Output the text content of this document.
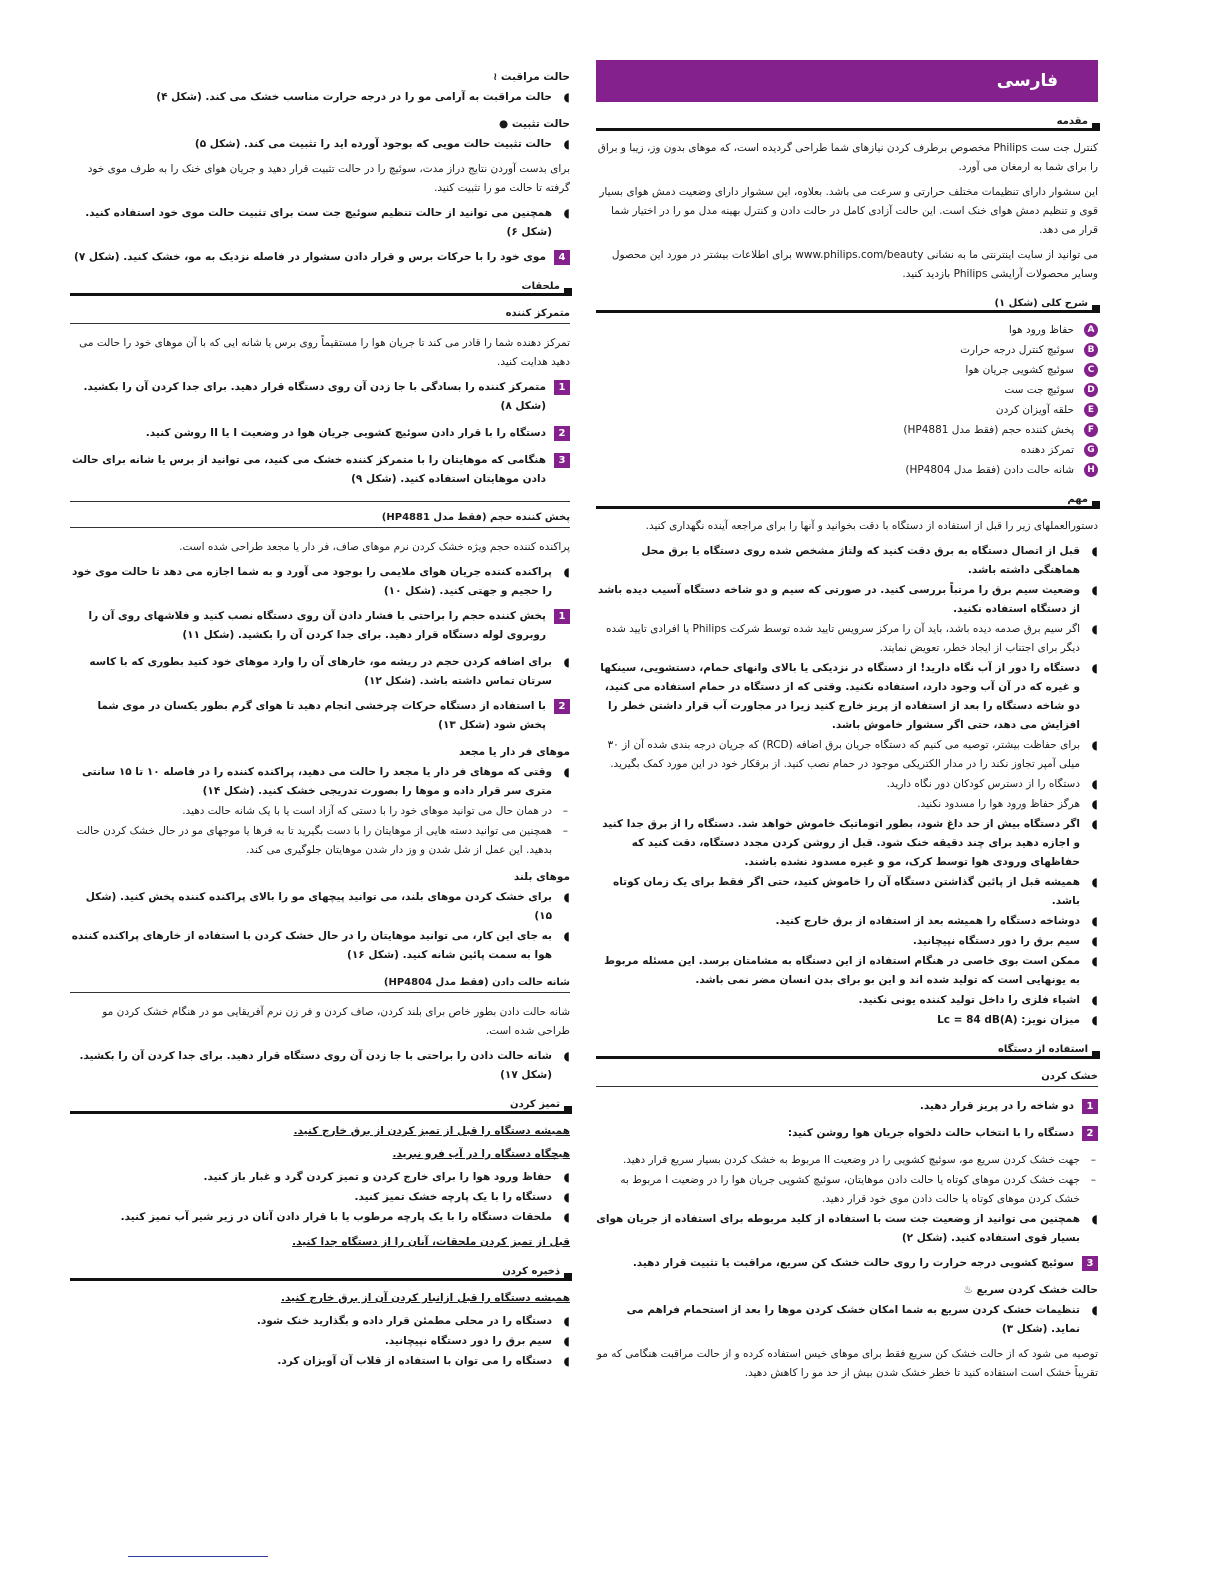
فارسی
مقدمه

کنترل جت ست Philips مخصوص برطرف کردن نیازهای شما طراحی گردیده است، که موهای بدون وز، زیبا و براق را برای شما به ارمغان می آورد.

این سشوار دارای تنظیمات مختلف حرارتی و سرعت می باشد. بعلاوه، این سشوار دارای وضعیت دمش هوای بسیار قوی و تنظیم دمش هوای خنک است. این حالت آزادی کامل در حالت دادن و کنترل بهینه مدل مو را در اختیار شما قرار می دهد.

می توانید از سایت اینترنتی ما به نشانی www.philips.com/beauty برای اطلاعات بیشتر در مورد این محصول وسایر محصولات آرایشی Philips بازدید کنید.

شرح کلی (شکل ۱)
A
حفاظ ورود هوا
B
سوئیچ کنترل درجه حرارت
C
سوئیچ کشویی جریان هوا
D
سوئیچ جت ست
E
حلقه آویزان کردن
F
پخش کننده حجم (فقط مدل HP4881)
G
تمرکز دهنده
H
شانه حالت دادن (فقط مدل HP4804)
مهم

دستورالعملهای زیر را قبل از استفاده از دستگاه با دقت بخوانید و آنها را برای مراجعه آینده نگهداری کنید.

◖ قبل از اتصال دستگاه به برق دقت کنید که ولتاژ مشخص شده روی دستگاه با برق محل هماهنگی داشته باشد.
◖ وضعیت سیم برق را مرتباً بررسی کنید. در صورتی که سیم و دو شاخه دستگاه آسیب دیده باشد از دستگاه استفاده نکنید.
◖ اگر سیم برق صدمه دیده باشد، باید آن را مرکز سرویس تایید شده توسط شرکت Philips یا افرادی تایید شده دیگر برای اجتناب از ایجاد خطر، تعویض نمایند.
◖ دستگاه را دور از آب نگاه دارید! از دستگاه در نزدیکی یا بالای وانهای حمام، دستشویی، سینکها و غیره که در آن آب وجود دارد، استفاده نکنید. وقتی که از دستگاه در حمام استفاده می کنید، دو شاخه دستگاه را بعد از استفاده از پریز خارج کنید زیرا در مجاورت آب قرار داشتن خطر را افزایش می دهد، حتی اگر سشوار خاموش باشد.
◖ برای حفاظت بیشتر، توصیه می کنیم که دستگاه جریان برق اضافه (RCD) که جریان درجه بندی شده آن از ۳۰ میلی آمپر تجاوز نکند را در مدار الکتریکی موجود در حمام نصب کنید. از برقکار خود در این مورد کمک بگیرید.
◖ دستگاه را از دسترس کودکان دور نگاه دارید.
◖ هرگز حفاظ ورود هوا را مسدود نکنید.
◖ اگر دستگاه بیش از حد داغ شود، بطور اتوماتیک خاموش خواهد شد. دستگاه را از برق جدا کنید و اجازه دهید برای چند دقیقه خنک شود. قبل از روشن کردن مجدد دستگاه، دقت کنید که حفاظهای ورودی هوا توسط کرک، مو و غیره مسدود نشده باشند.
◖ همیشه قبل از پائین گذاشتن دستگاه آن را خاموش کنید، حتی اگر فقط برای یک زمان کوتاه باشد.
◖ دوشاخه دستگاه را همیشه بعد از استفاده از برق خارج کنید.
◖ سیم برق را دور دستگاه نپیچانید.
◖ ممکن است بوی خاصی در هنگام استفاده از این دستگاه به مشامتان برسد. این مسئله مربوط به یونهایی است که تولید شده اند و این بو برای بدن انسان مضر نمی باشد.
◖ اشیاء فلزی را داخل تولید کننده یونی نکنید.
◖ میزان نویز: Lc = 84 dB(A)
استفاده از دستگاه
خشک کردن
1
دو شاخه را در پریز قرار دهید.
2
دستگاه را با انتخاب حالت دلخواه جریان هوا روشن کنید:
– جهت خشک کردن سریع مو، سوئیچ کشویی را در وضعیت II مربوط به خشک کردن بسیار سریع قرار دهید.
– جهت خشک کردن موهای کوتاه یا حالت دادن موهایتان، سوئیچ کشویی جریان هوا را در وضعیت I مربوط به خشک کردن موهای کوتاه یا حالت دادن موی خود قرار دهید.
◖ همچنین می توانید از وضعیت جت ست با استفاده از کلید مربوطه برای استفاده از جریان هوای بسیار قوی استفاده کنید. (شکل ۲)
3
سوئیچ کشویی درجه حرارت را روی حالت خشک کن سریع، مراقبت یا تثبیت قرار دهید.
حالت خشک کردن سریع ♨
◖ تنظیمات خشک کردن سریع به شما امکان خشک کردن موها را بعد از استحمام فراهم می نماید. (شکل ۳)

توصیه می شود که از حالت خشک کن سریع فقط برای موهای خیس استفاده کرده و از حالت مراقبت هنگامی که مو تقریباً خشک است استفاده کنید تا خطر خشک شدن بیش از حد مو را کاهش دهید.

حالت مراقبت ≀
◖ حالت مراقبت به آرامی مو را در درجه حرارت مناسب خشک می کند. (شکل ۴)
حالت تثبیت ●
◖ حالت تثبیت حالت مویی که بوجود آورده اید را تثبیت می کند. (شکل ۵)

برای بدست آوردن نتایج دراز مدت، سوئیچ را در حالت تثبیت قرار دهید و جریان هوای خنک را به طرف موی خود گرفته تا حالت مو را تثبیت کنید.

◖ همچنین می توانید از حالت تنظیم سوئیچ جت ست برای تثبیت حالت موی خود استفاده کنید. (شکل ۶)
4
موی خود را با حرکات برس و قرار دادن سشوار در فاصله نزدیک به مو، خشک کنید. (شکل ۷)
ملحقات
متمرکز کننده

تمرکز دهنده شما را قادر می کند تا جریان هوا را مستقیماً روی برس یا شانه ایی که با آن موهای خود را حالت می دهید هدایت کنید.

1
متمرکز کننده را بسادگی با جا زدن آن روی دستگاه قرار دهید. برای جدا کردن آن را بکشید. (شکل ۸)
2
دستگاه را با قرار دادن سوئیچ کشویی جریان هوا در وضعیت I یا II روشن کنید.
3
هنگامی که موهایتان را با متمرکز کننده خشک می کنید، می توانید از برس یا شانه برای حالت دادن موهایتان استفاده کنید. (شکل ۹)
پخش کننده حجم (فقط مدل HP4881)

پراکنده کننده حجم ویژه خشک کردن نرم موهای صاف، فر دار یا مجعد طراحی شده است.

◖ پراکنده کننده جریان هوای ملایمی را بوجود می آورد و به شما اجازه می دهد تا حالت موی خود را حجیم و جهتی کنید. (شکل ۱۰)
1
پخش کننده حجم را براحتی با فشار دادن آن روی دستگاه نصب کنید و فلاشهای روی آن را روبروی لوله دستگاه قرار دهید. برای جدا کردن آن را بکشید. (شکل ۱۱)
◖ برای اضافه کردن حجم در ریشه مو، خارهای آن را وارد موهای خود کنید بطوری که با کاسه سرتان تماس داشته باشد. (شکل ۱۲)
2
با استفاده از دستگاه حرکات چرخشی انجام دهید تا هوای گرم بطور یکسان در موی شما پخش شود (شکل ۱۳)
موهای فر دار یا مجعد
◖ وقتی که موهای فر دار یا مجعد را حالت می دهید، پراکنده کننده را در فاصله ۱۰ تا ۱۵ سانتی متری سر قرار داده و موها را بصورت تدریجی خشک کنید. (شکل ۱۴)
– در همان حال می توانید موهای خود را با دستی که آزاد است یا با یک شانه حالت دهید.
– همچنین می توانید دسته هایی از موهایتان را با دست بگیرید تا به فرها یا موجهای مو در حال خشک کردن حالت بدهید. این عمل از شل شدن و وز دار شدن موهایتان جلوگیری می کند.
موهای بلند
◖ برای خشک کردن موهای بلند، می توانید پیچهای مو را بالای پراکنده کننده پخش کنید. (شکل ۱۵)
◖ به جای این کار، می توانید موهایتان را در حال خشک کردن با استفاده از خارهای پراکنده کننده هوا به سمت پائین شانه کنید. (شکل ۱۶)
شانه حالت دادن (فقط مدل HP4804)

شانه حالت دادن بطور خاص برای بلند کردن، صاف کردن و فر زن نرم آفریقایی مو در هنگام خشک کردن مو طراحی شده است.

◖ شانه حالت دادن را براحتی با جا زدن آن روی دستگاه قرار دهید. برای جدا کردن آن را بکشید. (شکل ۱۷)
تمیز کردن
همیشه دستگاه را قبل از تمیز کردن از برق خارج کنید.
هیچگاه دستگاه را در آب فرو نبرید.
◖ حفاظ ورود هوا را برای خارج کردن و تمیز کردن گرد و غبار باز کنید.
◖ دستگاه را با یک پارچه خشک تمیز کنید.
◖ ملحقات دستگاه را با یک پارچه مرطوب یا با قرار دادن آنان در زیر شیر آب تمیز کنید.
قبل از تمیز کردن ملحقات، آنان را از دستگاه جدا کنید.
ذخیره کردن
همیشه دستگاه را قبل ازانبار کردن آن از برق خارج کنید.
◖ دستگاه را در محلی مطمئن قرار داده و بگذارید خنک شود.
◖ سیم برق را دور دستگاه نپیچانید.
◖ دستگاه را می توان با استفاده از قلاب آن آویزان کرد.
